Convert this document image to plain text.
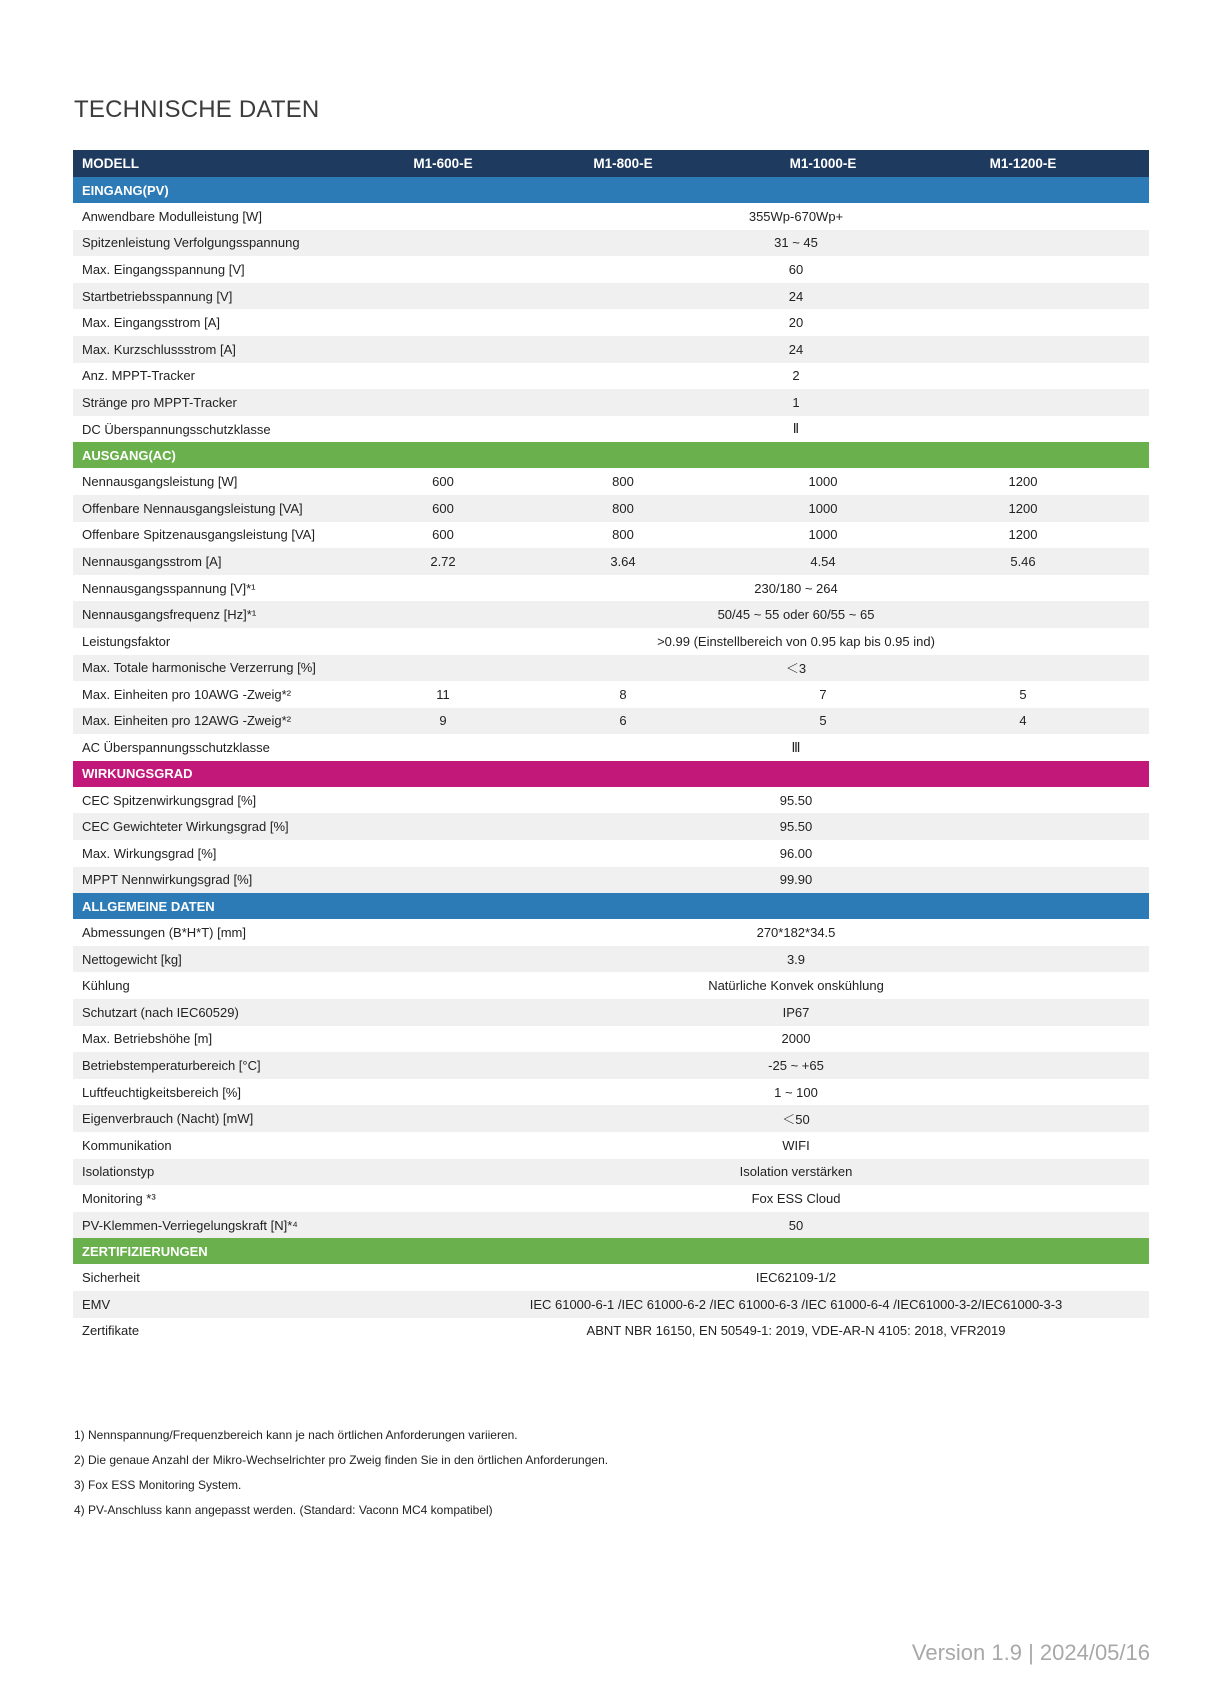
TECHNISCHE DATEN
MODELL	M1-600-E	M1-800-E	M1-1000-E	M1-1200-E
EINGANG(PV)
Anwendbare Modulleistung [W]	355Wp-670Wp+
Spitzenleistung Verfolgungsspannung	31 ~ 45
Max. Eingangsspannung [V]	60
Startbetriebsspannung [V]	24
Max. Eingangsstrom [A]	20
Max. Kurzschlussstrom [A]	24
Anz. MPPT-Tracker	2
Stränge pro MPPT-Tracker	1
DC Überspannungsschutzklasse	Ⅱ
AUSGANG(AC)
Nennausgangsleistung [W]	600	800	1000	1200
Offenbare Nennausgangsleistung [VA]	600	800	1000	1200
Offenbare Spitzenausgangsleistung [VA]	600	800	1000	1200
Nennausgangsstrom [A]	2.72	3.64	4.54	5.46
Nennausgangsspannung [V]*¹	230/180 ~ 264
Nennausgangsfrequenz [Hz]*¹	50/45 ~ 55 oder 60/55 ~ 65
Leistungsfaktor	>0.99 (Einstellbereich von 0.95 kap bis 0.95 ind)
Max. Totale harmonische Verzerrung [%]	＜3
Max. Einheiten pro 10AWG -Zweig*²	11	8	7	5
Max. Einheiten pro 12AWG -Zweig*²	9	6	5	4
AC Überspannungsschutzklasse	Ⅲ
WIRKUNGSGRAD
CEC Spitzenwirkungsgrad [%]	95.50
CEC Gewichteter Wirkungsgrad [%]	95.50
Max. Wirkungsgrad [%]	96.00
MPPT Nennwirkungsgrad [%]	99.90
ALLGEMEINE DATEN
Abmessungen (B*H*T) [mm]	270*182*34.5
Nettogewicht [kg]	3.9
Kühlung	Natürliche Konvek onskühlung
Schutzart (nach IEC60529)	IP67
Max. Betriebshöhe [m]	2000
Betriebstemperaturbereich [°C]	-25 ~ +65
Luftfeuchtigkeitsbereich [%]	1 ~ 100
Eigenverbrauch (Nacht) [mW]	＜50
Kommunikation	WIFI
Isolationstyp	Isolation verstärken
Monitoring *³	Fox ESS Cloud
PV-Klemmen-Verriegelungskraft [N]*⁴	50
ZERTIFIZIERUNGEN
Sicherheit	IEC62109-1/2
EMV	IEC 61000-6-1 /IEC 61000-6-2 /IEC 61000-6-3 /IEC 61000-6-4 /IEC61000-3-2/IEC61000-3-3
Zertifikate	ABNT NBR 16150, EN 50549-1: 2019, VDE-AR-N 4105: 2018, VFR2019
1) Nennspannung/Frequenzbereich kann je nach örtlichen Anforderungen variieren.
2) Die genaue Anzahl der Mikro-Wechselrichter pro Zweig finden Sie in den örtlichen Anforderungen.
3) Fox ESS Monitoring System.
4) PV-Anschluss kann angepasst werden. (Standard: Vaconn MC4 kompatibel)
Version 1.9 | 2024/05/16
